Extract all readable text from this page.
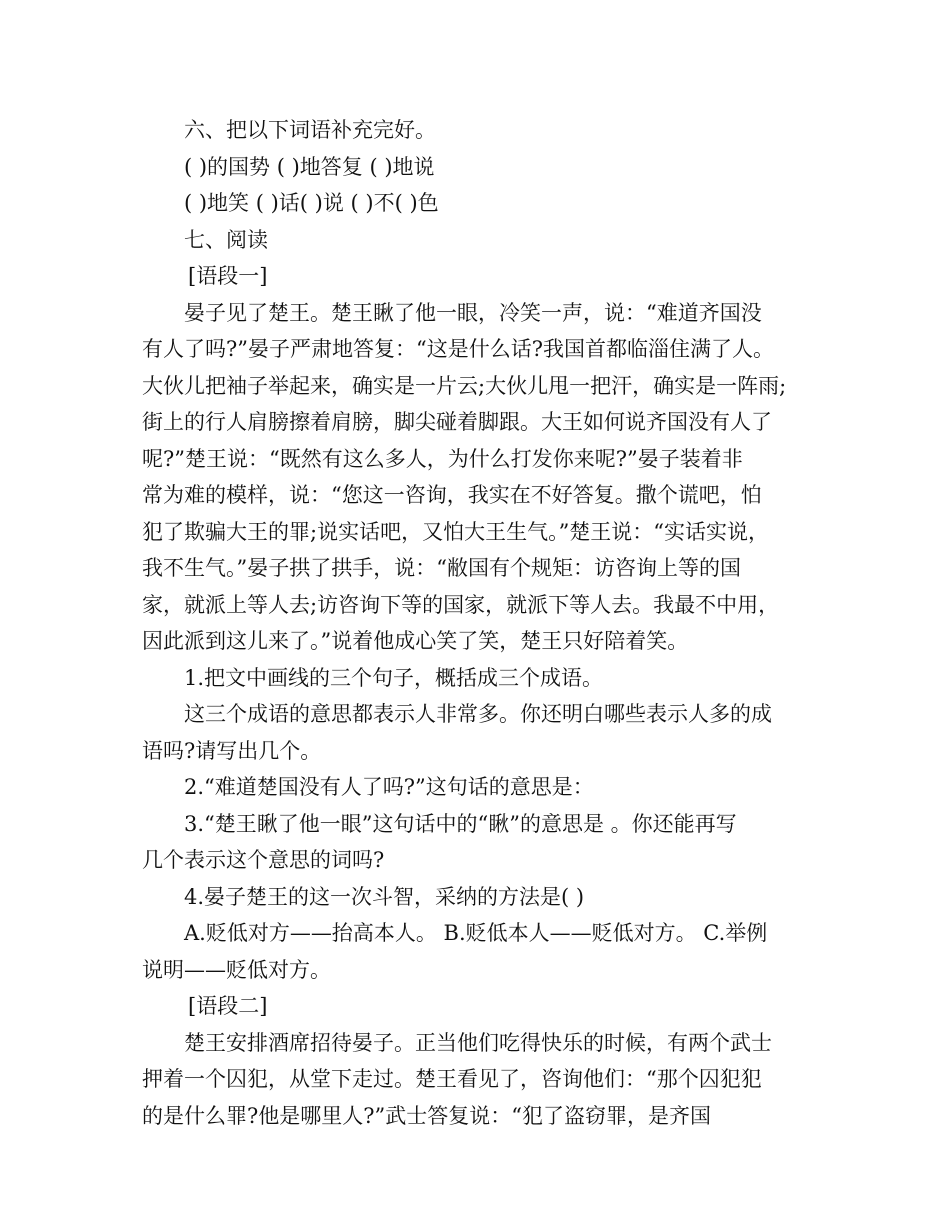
六、把以下词语补充完好。
( )的国势 ( )地答复 ( )地说
( )地笑 ( )话( )说 ( )不( )色
七、阅读
[语段一]
晏子见了楚王。楚王瞅了他一眼，冷笑一声，说：“难道齐国没
有人了吗?”晏子严肃地答复：“这是什么话?我国首都临淄住满了人。
大伙儿把袖子举起来，确实是一片云;大伙儿甩一把汗，确实是一阵雨;
街上的行人肩膀擦着肩膀，脚尖碰着脚跟。大王如何说齐国没有人了
呢?”楚王说：“既然有这么多人，为什么打发你来呢?”晏子装着非
常为难的模样，说：“您这一咨询，我实在不好答复。撒个谎吧，怕
犯了欺骗大王的罪;说实话吧，又怕大王生气。”楚王说：“实话实说，
我不生气。”晏子拱了拱手，说：“敝国有个规矩：访咨询上等的国
家，就派上等人去;访咨询下等的国家，就派下等人去。我最不中用，
因此派到这儿来了。”说着他成心笑了笑，楚王只好陪着笑。
1.把文中画线的三个句子，概括成三个成语。
这三个成语的意思都表示人非常多。你还明白哪些表示人多的成
语吗?请写出几个。
2.“难道楚国没有人了吗?”这句话的意思是：
3.“楚王瞅了他一眼”这句话中的“瞅”的意思是 。你还能再写
几个表示这个意思的词吗?
4.晏子楚王的这一次斗智，采纳的方法是( )
A.贬低对方——抬高本人。 B.贬低本人——贬低对方。 C.举例
说明——贬低对方。
[语段二]
楚王安排酒席招待晏子。正当他们吃得快乐的时候，有两个武士
押着一个囚犯，从堂下走过。楚王看见了，咨询他们：“那个囚犯犯
的是什么罪?他是哪里人?”武士答复说：“犯了盗窃罪，是齐国
